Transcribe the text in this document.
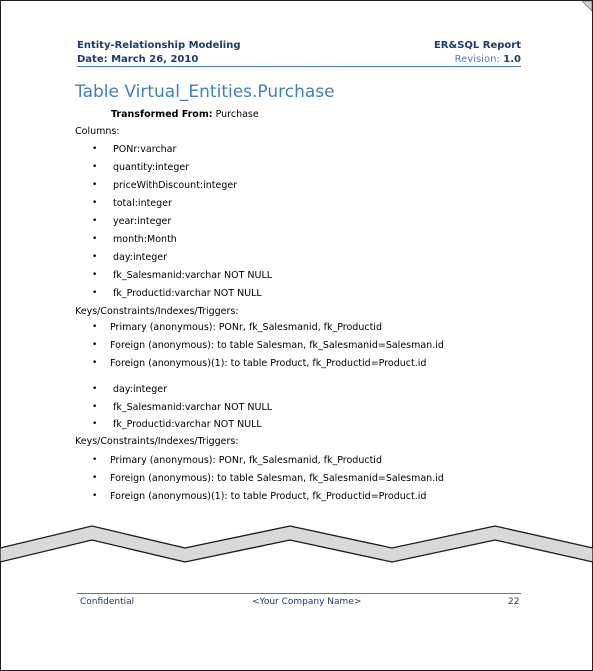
Entity-Relationship Modeling	ER&SQL Report
Date: March 26, 2010	Revision: 1.0
Table Virtual_Entities.Purchase
Transformed From: Purchase
Columns:
• PONr:varchar
• quantity:integer
• priceWithDiscount:integer
• total:integer
• year:integer
• month:Month
• day:integer
• fk_Salesmanid:varchar NOT NULL
• fk_Productid:varchar NOT NULL
Keys/Constraints/Indexes/Triggers:
• Primary (anonymous): PONr, fk_Salesmanid, fk_Productid
• Foreign (anonymous): to table Salesman, fk_Salesmanid=Salesman.id
• Foreign (anonymous)(1): to table Product, fk_Productid=Product.id
• day:integer
• fk_Salesmanid:varchar NOT NULL
• fk_Productid:varchar NOT NULL
Keys/Constraints/Indexes/Triggers:
• Primary (anonymous): PONr, fk_Salesmanid, fk_Productid
• Foreign (anonymous): to table Salesman, fk_Salesmanid=Salesman.id
• Foreign (anonymous)(1): to table Product, fk_Productid=Product.id
Confidential	<Your Company Name>	22
